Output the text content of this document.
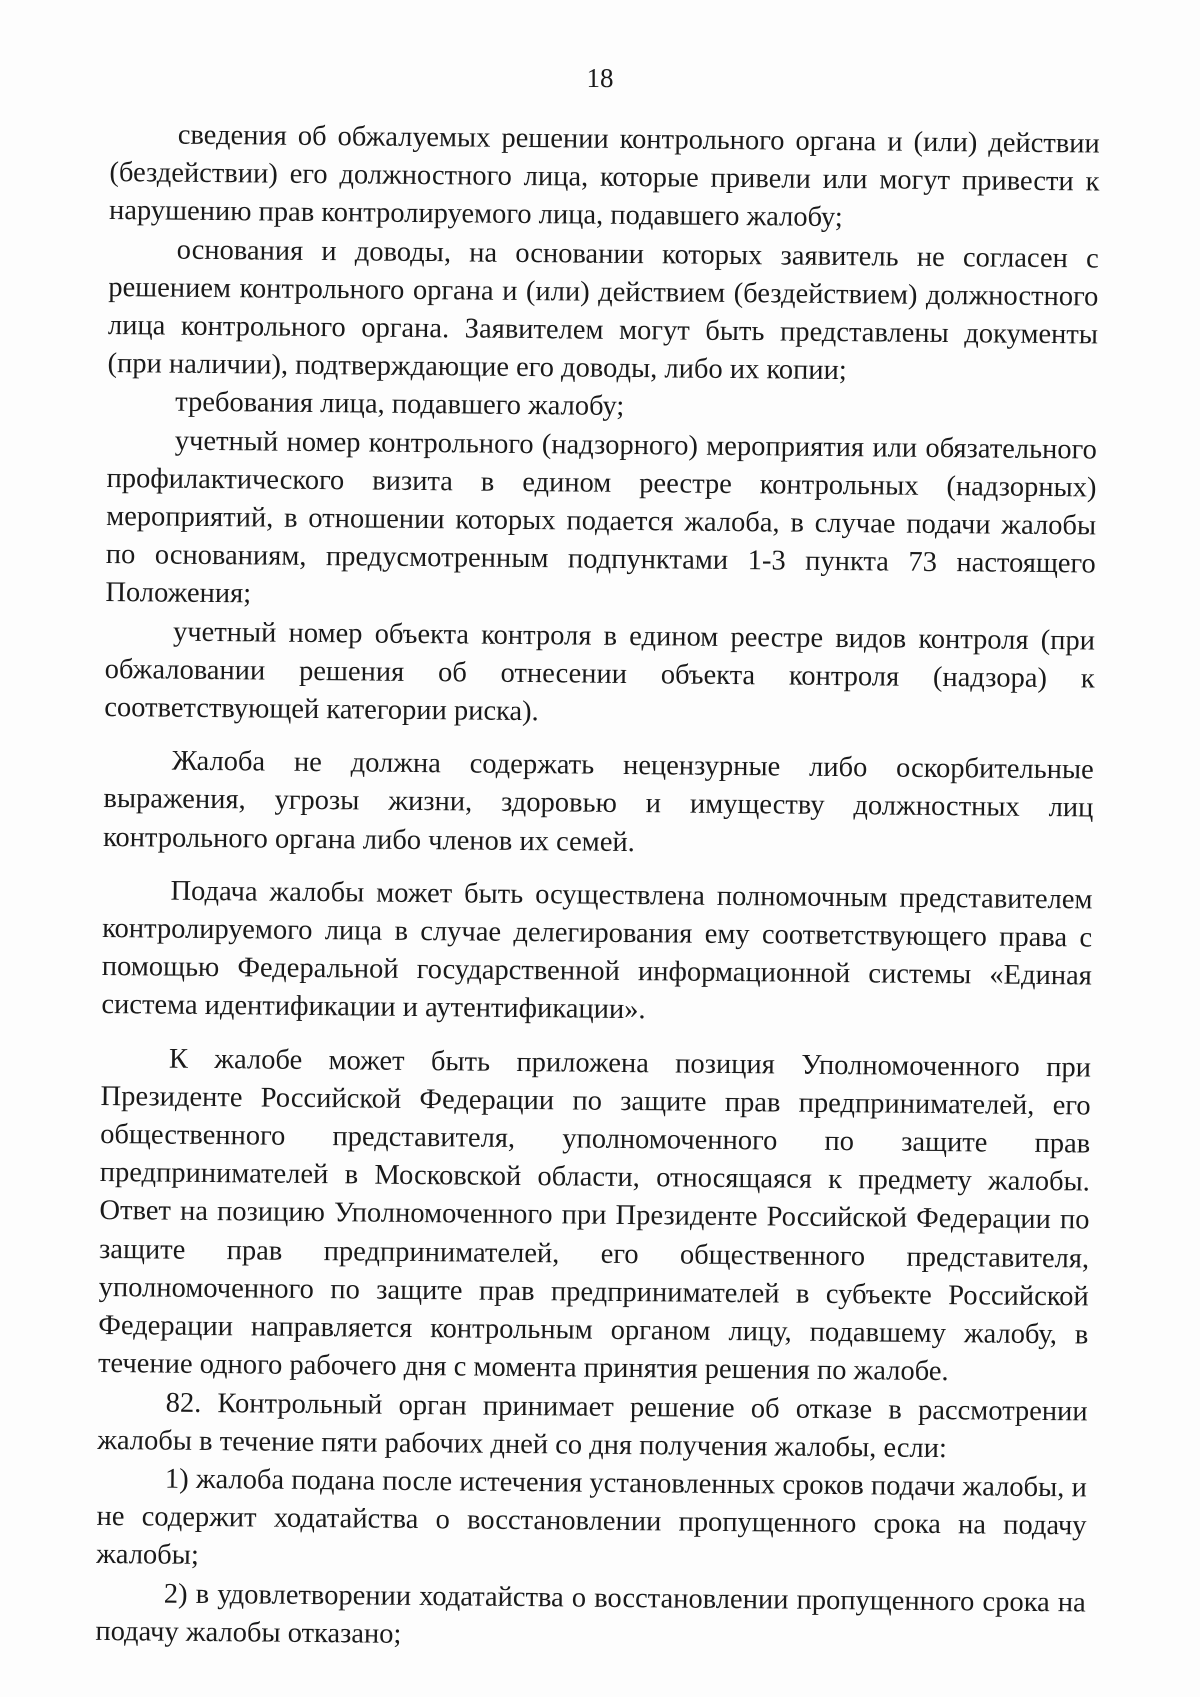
18

сведения об обжалуемых решении контрольного органа и (или) действии (бездействии) его должностного лица, которые привели или могут привести к нарушению прав контролируемого лица, подавшего жалобу;

основания и доводы, на основании которых заявитель не согласен с решением контрольного органа и (или) действием (бездействием) должностного лица контрольного органа. Заявителем могут быть представлены документы (при наличии), подтверждающие его доводы, либо их копии;

требования лица, подавшего жалобу;

учетный номер контрольного (надзорного) мероприятия или обязательного профилактического визита в едином реестре контрольных (надзорных) мероприятий, в отношении которых подается жалоба, в случае подачи жалобы по основаниям, предусмотренным подпунктами 1-3 пункта 73 настоящего Положения;

учетный номер объекта контроля в едином реестре видов контроля (при обжаловании решения об отнесении объекта контроля (надзора) к соответствующей категории риска).

Жалоба не должна содержать нецензурные либо оскорбительные выражения, угрозы жизни, здоровью и имуществу должностных лиц контрольного органа либо членов их семей.

Подача жалобы может быть осуществлена полномочным представителем контролируемого лица в случае делегирования ему соответствующего права с помощью Федеральной государственной информационной системы «Единая система идентификации и аутентификации».

К жалобе может быть приложена позиция Уполномоченного при Президенте Российской Федерации по защите прав предпринимателей, его общественного представителя, уполномоченного по защите прав предпринимателей в Московской области, относящаяся к предмету жалобы. Ответ на позицию Уполномоченного при Президенте Российской Федерации по защите прав предпринимателей, его общественного представителя, уполномоченного по защите прав предпринимателей в субъекте Российской Федерации направляется контрольным органом лицу, подавшему жалобу, в течение одного рабочего дня с момента принятия решения по жалобе.

82. Контрольный орган принимает решение об отказе в рассмотрении жалобы в течение пяти рабочих дней со дня получения жалобы, если:

1) жалоба подана после истечения установленных сроков подачи жалобы, и не содержит ходатайства о восстановлении пропущенного срока на подачу жалобы;

2) в удовлетворении ходатайства о восстановлении пропущенного срока на подачу жалобы отказано;
